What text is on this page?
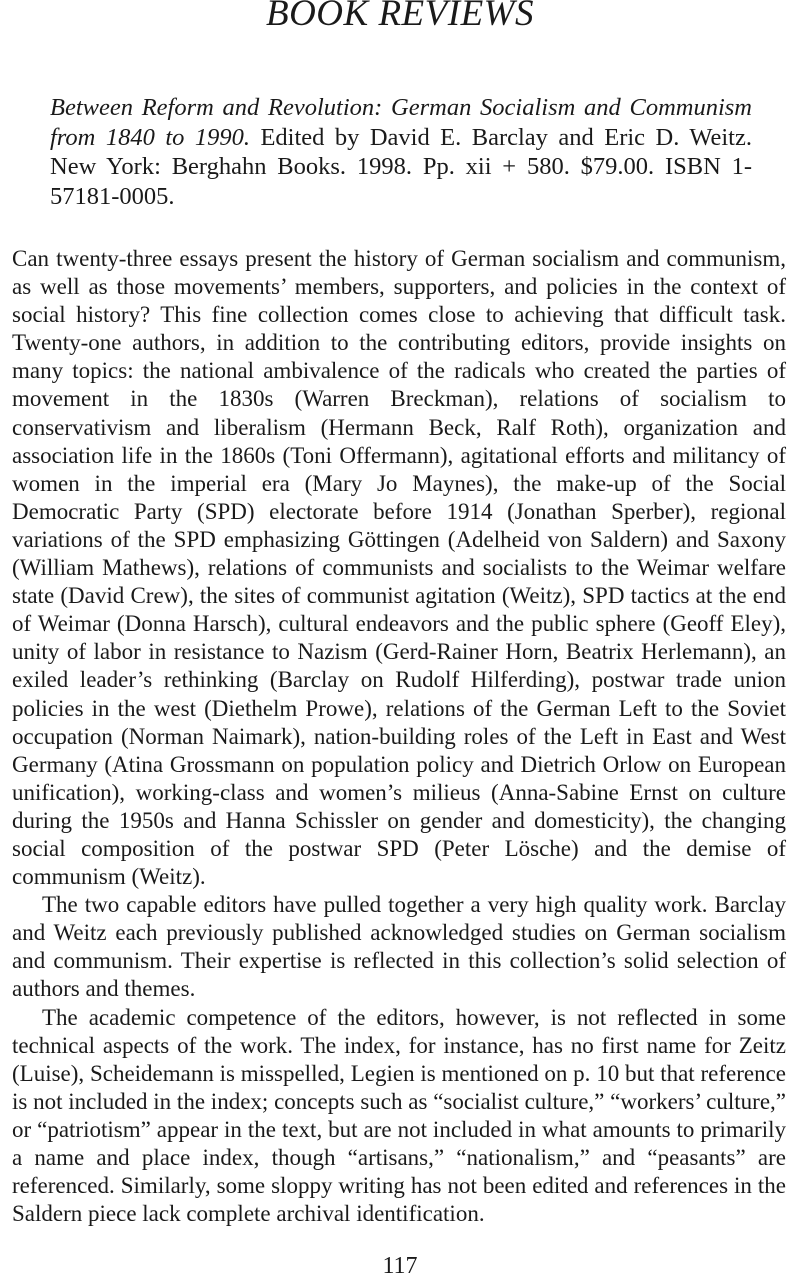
BOOK REVIEWS

Between Reform and Revolution: German Socialism and Communism from 1840 to 1990. Edited by David E. Barclay and Eric D. Weitz. New York: Berghahn Books. 1998. Pp. xii + 580. $79.00. ISBN 1-57181-0005.

Can twenty-three essays present the history of German socialism and communism, as well as those movements’ members, supporters, and policies in the context of social history? This fine collection comes close to achieving that difficult task. Twenty-one authors, in addition to the contributing editors, provide insights on many topics: the national ambivalence of the radicals who created the parties of movement in the 1830s (Warren Breckman), relations of socialism to conservativism and liberalism (Hermann Beck, Ralf Roth), organization and association life in the 1860s (Toni Offermann), agitational efforts and militancy of women in the imperial era (Mary Jo Maynes), the make-up of the Social Democratic Party (SPD) electorate before 1914 (Jonathan Sperber), regional variations of the SPD emphasizing Göttingen (Adelheid von Saldern) and Saxony (William Mathews), relations of communists and socialists to the Weimar welfare state (David Crew), the sites of communist agitation (Weitz), SPD tactics at the end of Weimar (Donna Harsch), cultural endeavors and the public sphere (Geoff Eley), unity of labor in resistance to Nazism (Gerd-Rainer Horn, Beatrix Herlemann), an exiled leader’s rethinking (Barclay on Rudolf Hilferding), postwar trade union policies in the west (Diethelm Prowe), relations of the German Left to the Soviet occupation (Norman Naimark), nation-building roles of the Left in East and West Germany (Atina Grossmann on population policy and Dietrich Orlow on European unification), working-class and women’s milieus (Anna-Sabine Ernst on culture during the 1950s and Hanna Schissler on gender and domesticity), the changing social composition of the postwar SPD (Peter Lösche) and the demise of communism (Weitz).

The two capable editors have pulled together a very high quality work. Barclay and Weitz each previously published acknowledged studies on German socialism and communism. Their expertise is reflected in this collection’s solid selection of authors and themes.

The academic competence of the editors, however, is not reflected in some technical aspects of the work. The index, for instance, has no first name for Zeitz (Luise), Scheidemann is misspelled, Legien is mentioned on p. 10 but that reference is not included in the index; concepts such as “socialist culture,” “workers’ culture,” or “patriotism” appear in the text, but are not included in what amounts to primarily a name and place index, though “artisans,” “nationalism,” and “peasants” are referenced. Similarly, some sloppy writing has not been edited and references in the Saldern piece lack complete archival identification.

117
